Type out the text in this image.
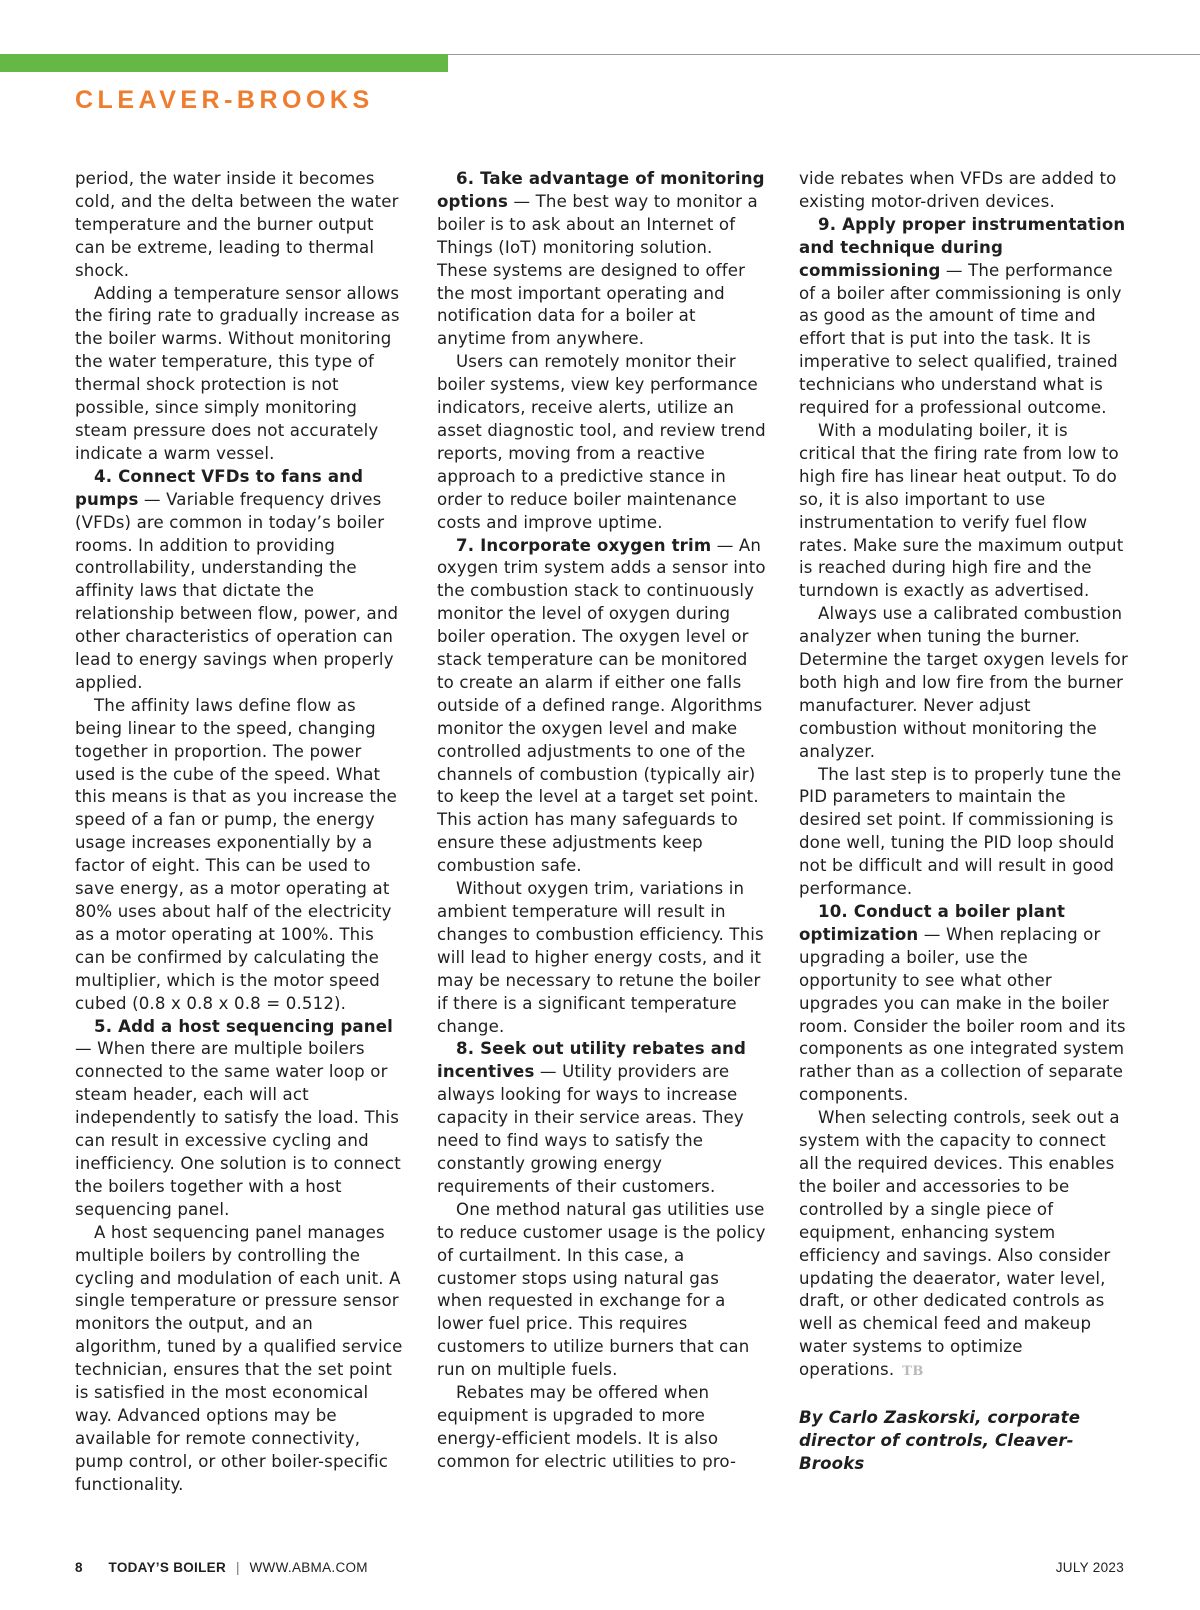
CLEAVER-BROOKS

period, the water inside it becomes cold, and the delta between the water temperature and the burner output can be extreme, leading to thermal shock.

Adding a temperature sensor allows the firing rate to gradually increase as the boiler warms. Without monitoring the water temperature, this type of thermal shock protection is not possible, since simply monitoring steam pressure does not accurately indicate a warm vessel.

4. Connect VFDs to fans and pumps — Variable frequency drives (VFDs) are common in today’s boiler rooms. In addition to providing controllability, understanding the affinity laws that dictate the relationship between flow, power, and other characteristics of operation can lead to energy savings when properly applied.

The affinity laws define flow as being linear to the speed, changing together in proportion. The power used is the cube of the speed. What this means is that as you increase the speed of a fan or pump, the energy usage increases exponentially by a factor of eight. This can be used to save energy, as a motor operating at 80% uses about half of the electricity as a motor operating at 100%. This can be confirmed by calculating the multiplier, which is the motor speed cubed (0.8 x 0.8 x 0.8 = 0.512).

5. Add a host sequencing panel — When there are multiple boilers connected to the same water loop or steam header, each will act independently to satisfy the load. This can result in excessive cycling and inefficiency. One solution is to connect the boilers together with a host sequencing panel.

A host sequencing panel manages multiple boilers by controlling the cycling and modulation of each unit. A single temperature or pressure sensor monitors the output, and an algorithm, tuned by a qualified service technician, ensures that the set point is satisfied in the most economical way. Advanced options may be available for remote connectivity, pump control, or other boiler-specific functionality.

6. Take advantage of monitoring options — The best way to monitor a boiler is to ask about an Internet of Things (IoT) monitoring solution. These systems are designed to offer the most important operating and notification data for a boiler at anytime from anywhere.

Users can remotely monitor their boiler systems, view key performance indicators, receive alerts, utilize an asset diagnostic tool, and review trend reports, moving from a reactive approach to a predictive stance in order to reduce boiler maintenance costs and improve uptime.

7. Incorporate oxygen trim — An oxygen trim system adds a sensor into the combustion stack to continuously monitor the level of oxygen during boiler operation. The oxygen level or stack temperature can be monitored to create an alarm if either one falls outside of a defined range. Algorithms monitor the oxygen level and make controlled adjustments to one of the channels of combustion (typically air) to keep the level at a target set point. This action has many safeguards to ensure these adjustments keep combustion safe.

Without oxygen trim, variations in ambient temperature will result in changes to combustion efficiency. This will lead to higher energy costs, and it may be necessary to retune the boiler if there is a significant temperature change.

8. Seek out utility rebates and incentives — Utility providers are always looking for ways to increase capacity in their service areas. They need to find ways to satisfy the constantly growing energy requirements of their customers.

One method natural gas utilities use to reduce customer usage is the policy of curtailment. In this case, a customer stops using natural gas when requested in exchange for a lower fuel price. This requires customers to utilize burners that can run on multiple fuels.

Rebates may be offered when equipment is upgraded to more energy-efficient models. It is also common for electric utilities to pro-

vide rebates when VFDs are added to existing motor-driven devices.

9. Apply proper instrumentation and technique during commissioning — The performance of a boiler after commissioning is only as good as the amount of time and effort that is put into the task. It is imperative to select qualified, trained technicians who understand what is required for a professional outcome.

With a modulating boiler, it is critical that the firing rate from low to high fire has linear heat output. To do so, it is also important to use instrumentation to verify fuel flow rates. Make sure the maximum output is reached during high fire and the turndown is exactly as advertised.

Always use a calibrated combustion analyzer when tuning the burner. Determine the target oxygen levels for both high and low fire from the burner manufacturer. Never adjust combustion without monitoring the analyzer.

The last step is to properly tune the PID parameters to maintain the desired set point. If commissioning is done well, tuning the PID loop should not be difficult and will result in good performance.

10. Conduct a boiler plant optimization — When replacing or upgrading a boiler, use the opportunity to see what other upgrades you can make in the boiler room. Consider the boiler room and its components as one integrated system rather than as a collection of separate components.

When selecting controls, seek out a system with the capacity to connect all the required devices. This enables the boiler and accessories to be controlled by a single piece of equipment, enhancing system efficiency and savings. Also consider updating the deaerator, water level, draft, or other dedicated controls as well as chemical feed and makeup water systems to optimize operations. TB

By Carlo Zaskorski, corporate director of controls, Cleaver-Brooks

8 TODAY’S BOILER | WWW.ABMA.COM	JULY 2023
